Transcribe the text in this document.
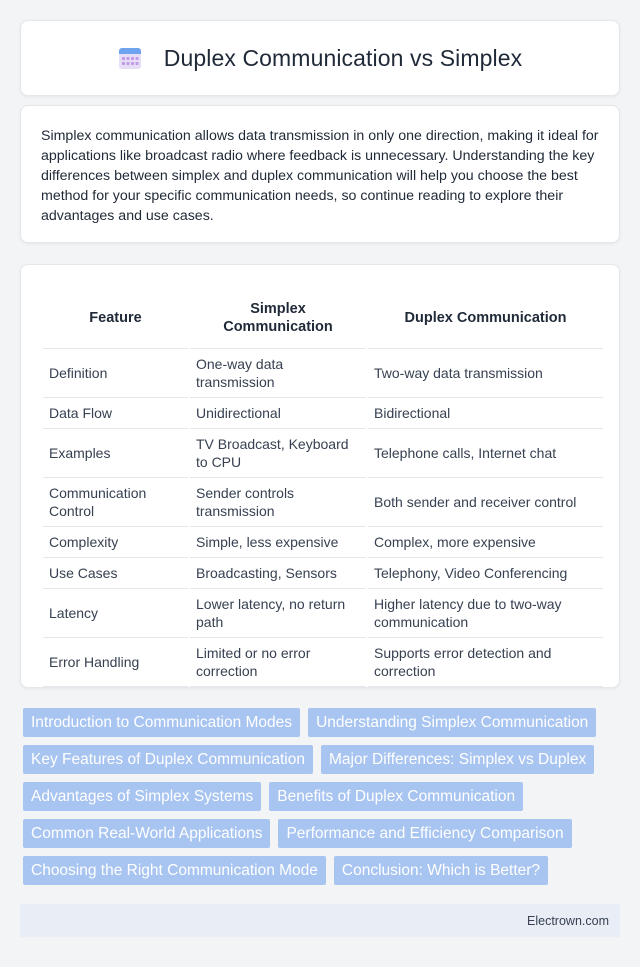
Duplex Communication vs Simplex

Simplex communication allows data transmission in only one direction, making it ideal for applications like broadcast radio where feedback is unnecessary. Understanding the key differences between simplex and duplex communication will help you choose the best method for your specific communication needs, so continue reading to explore their advantages and use cases.

Feature	Simplex Communication	Duplex Communication
Definition	One-way data transmission	Two-way data transmission
Data Flow	Unidirectional	Bidirectional
Examples	TV Broadcast, Keyboard to CPU	Telephone calls, Internet chat
Communication Control	Sender controls transmission	Both sender and receiver control
Complexity	Simple, less expensive	Complex, more expensive
Use Cases	Broadcasting, Sensors	Telephony, Video Conferencing
Latency	Lower latency, no return path	Higher latency due to two-way communication
Error Handling	Limited or no error correction	Supports error detection and correction
Introduction to Communication Modes	Understanding Simplex Communication
Key Features of Duplex Communication	Major Differences: Simplex vs Duplex
Advantages of Simplex Systems	Benefits of Duplex Communication
Common Real-World Applications	Performance and Efficiency Comparison
Choosing the Right Communication Mode	Conclusion: Which is Better?
Electrown.com
